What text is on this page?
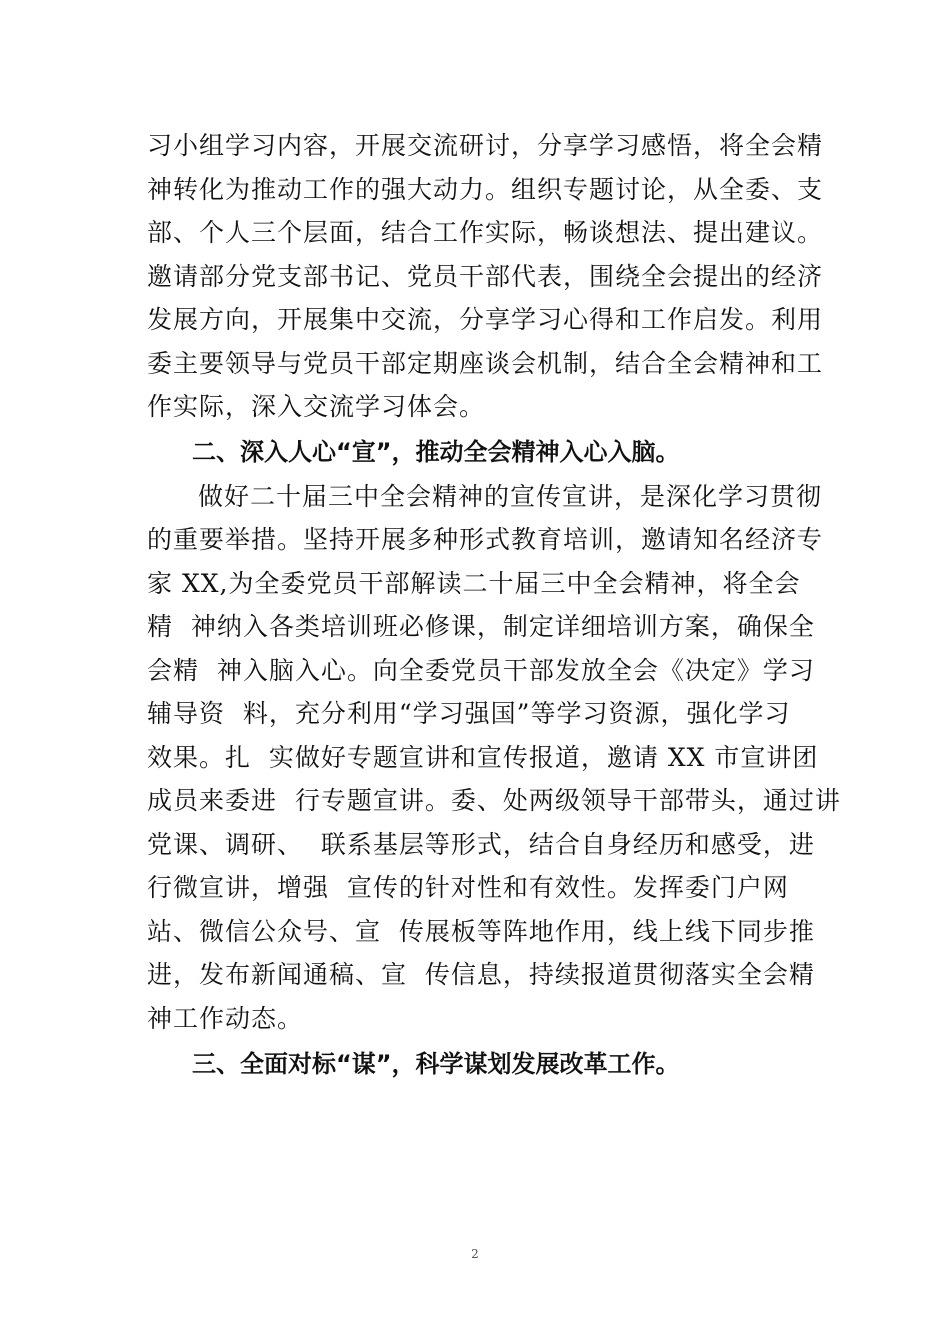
习小组学习内容，开展交流研讨，分享学习感悟，将全会精
神转化为推动工作的强大动力。组织专题讨论，从全委、支
部、个人三个层面，结合工作实际，畅谈想法、提出建议。
邀请部分党支部书记、党员干部代表，围绕全会提出的经济
发展方向，开展集中交流，分享学习心得和工作启发。利用
委主要领导与党员干部定期座谈会机制，结合全会精神和工
作实际，深入交流学习体会。
二、深入人心“宣”，推动全会精神入心入脑。
做好二十届三中全会精神的宣传宣讲，是深化学习贯彻
的重要举措。坚持开展多种形式教育培训，邀请知名经济专
家 XX,为全委党员干部解读二十届三中全会精神，将全会
精  神纳入各类培训班必修课，制定详细培训方案，确保全
会精  神入脑入心。向全委党员干部发放全会《决定》学习
辅导资  料，充分利用“学习强国”等学习资源，强化学习
效果。扎  实做好专题宣讲和宣传报道，邀请 XX 市宣讲团
成员来委进  行专题宣讲。委、处两级领导干部带头，通过讲
党课、调研、  联系基层等形式，结合自身经历和感受，进
行微宣讲，增强  宣传的针对性和有效性。发挥委门户网
站、微信公众号、宣  传展板等阵地作用，线上线下同步推
进，发布新闻通稿、宣  传信息，持续报道贯彻落实全会精
神工作动态。
三、全面对标“谋”，科学谋划发展改革工作。
2
